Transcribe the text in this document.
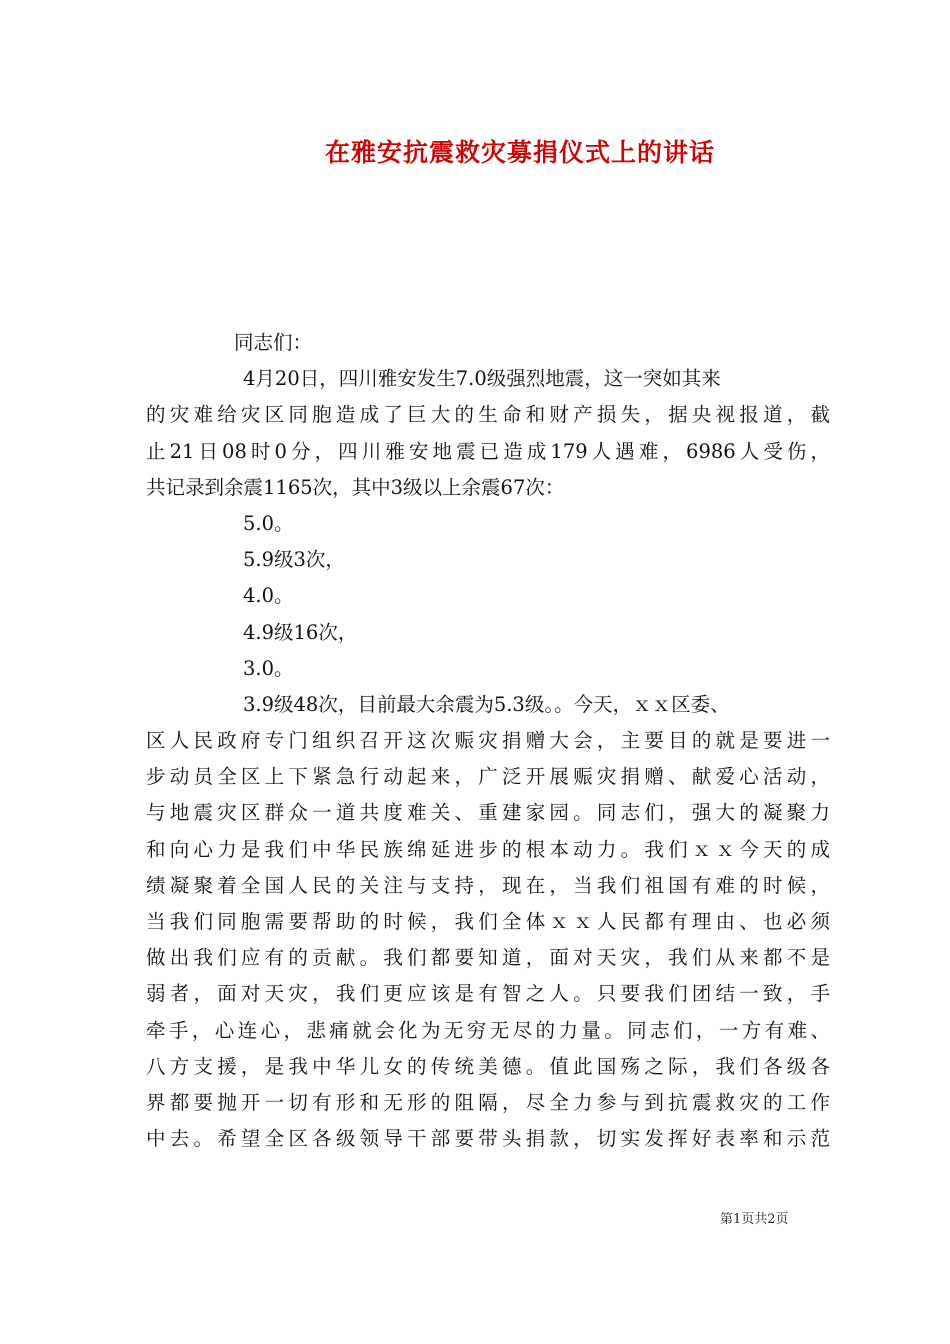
在雅安抗震救灾募捐仪式上的讲话
同志们：
4月20日，四川雅安发生7.0级强烈地震，这一突如其来
的灾难给灾区同胞造成了巨大的生命和财产损失，据央视报道，截
止21日08时0分，四川雅安地震已造成179人遇难，6986人受伤，
共记录到余震1165次，其中3级以上余震67次：
5.0。
5.9级3次，
4.0。
4.9级16次，
3.0。
3.9级48次，目前最大余震为5.3级。。今天，ｘｘ区委、
区人民政府专门组织召开这次赈灾捐赠大会，主要目的就是要进一
步动员全区上下紧急行动起来，广泛开展赈灾捐赠、献爱心活动，
与地震灾区群众一道共度难关、重建家园。同志们，强大的凝聚力
和向心力是我们中华民族绵延进步的根本动力。我们ｘｘ今天的成
绩凝聚着全国人民的关注与支持，现在，当我们祖国有难的时候，
当我们同胞需要帮助的时候，我们全体ｘｘ人民都有理由、也必须
做出我们应有的贡献。我们都要知道，面对天灾，我们从来都不是
弱者，面对天灾，我们更应该是有智之人。只要我们团结一致，手
牵手，心连心，悲痛就会化为无穷无尽的力量。同志们，一方有难、
八方支援，是我中华儿女的传统美德。值此国殇之际，我们各级各
界都要抛开一切有形和无形的阻隔，尽全力参与到抗震救灾的工作
中去。希望全区各级领导干部要带头捐款，切实发挥好表率和示范
第1页共2页
